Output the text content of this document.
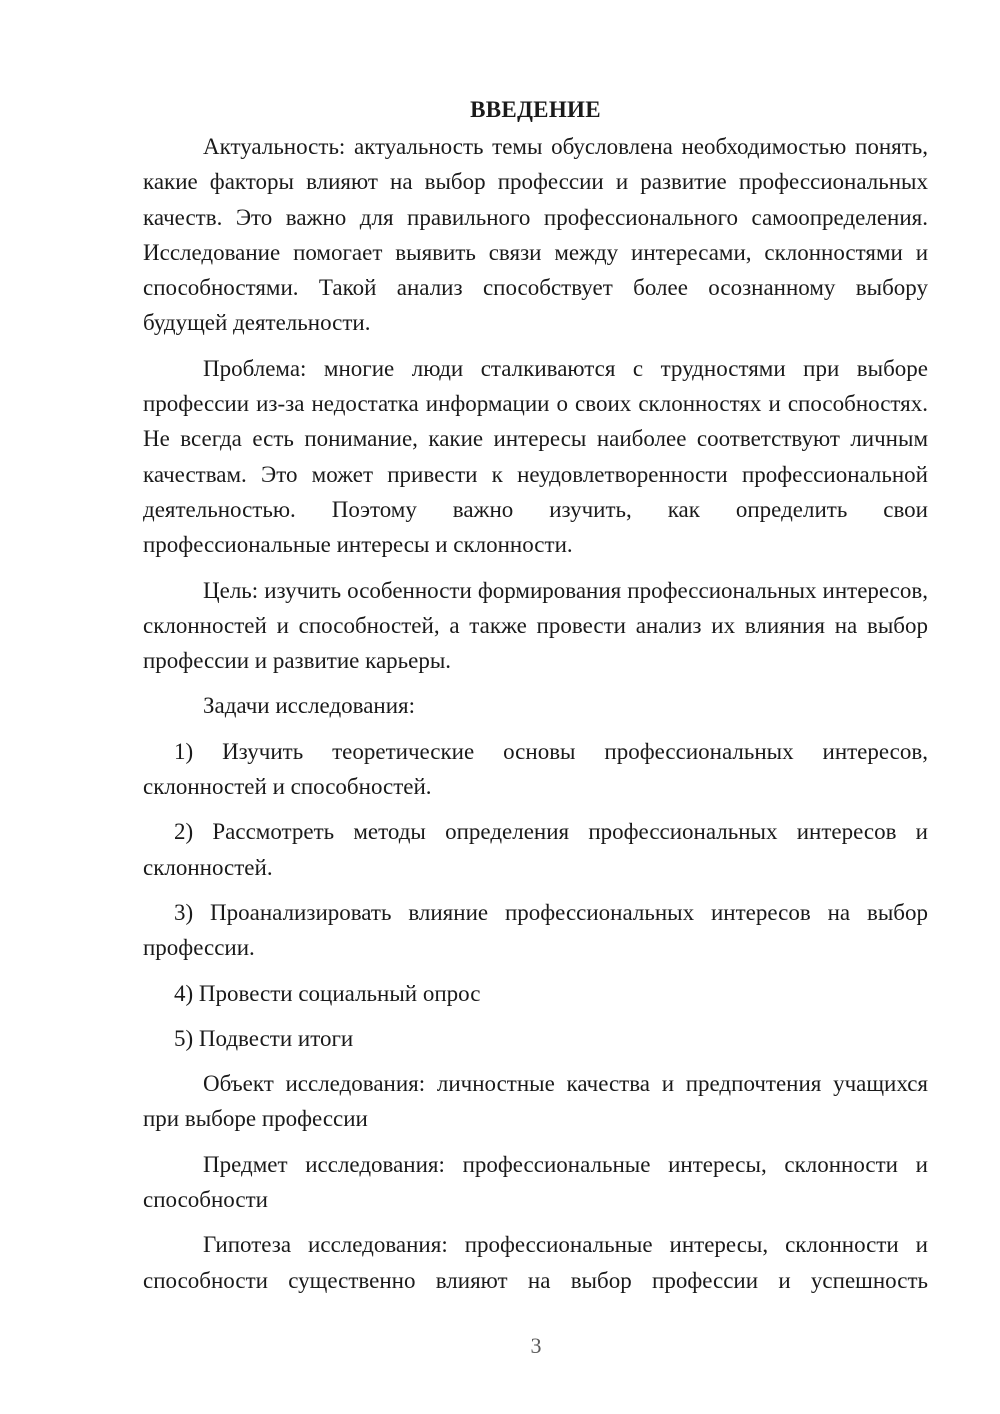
ВВЕДЕНИЕ

Актуальность: актуальность темы обусловлена необходимостью понять, какие факторы влияют на выбор профессии и развитие профессиональных качеств. Это важно для правильного профессионального самоопределения. Исследование помогает выявить связи между интересами, склонностями и способностями. Такой анализ способствует более осознанному выбору будущей деятельности.

Проблема: многие люди сталкиваются с трудностями при выборе профессии из-за недостатка информации о своих склонностях и способностях. Не всегда есть понимание, какие интересы наиболее соответствуют личным качествам. Это может привести к неудовлетворенности профессиональной деятельностью. Поэтому важно изучить, как определить свои профессиональные интересы и склонности.

Цель: изучить особенности формирования профессиональных интересов, склонностей и способностей, а также провести анализ их влияния на выбор профессии и развитие карьеры.

Задачи исследования:

1) Изучить теоретические основы профессиональных интересов, склонностей и способностей.

2) Рассмотреть методы определения профессиональных интересов и склонностей.

3) Проанализировать влияние профессиональных интересов на выбор профессии.

4) Провести социальный опрос

5) Подвести итоги

Объект исследования: личностные качества и предпочтения учащихся при выборе профессии

Предмет исследования: профессиональные интересы, склонности и способности

Гипотеза исследования: профессиональные интересы, склонности и способности существенно влияют на выбор профессии и успешность

3
